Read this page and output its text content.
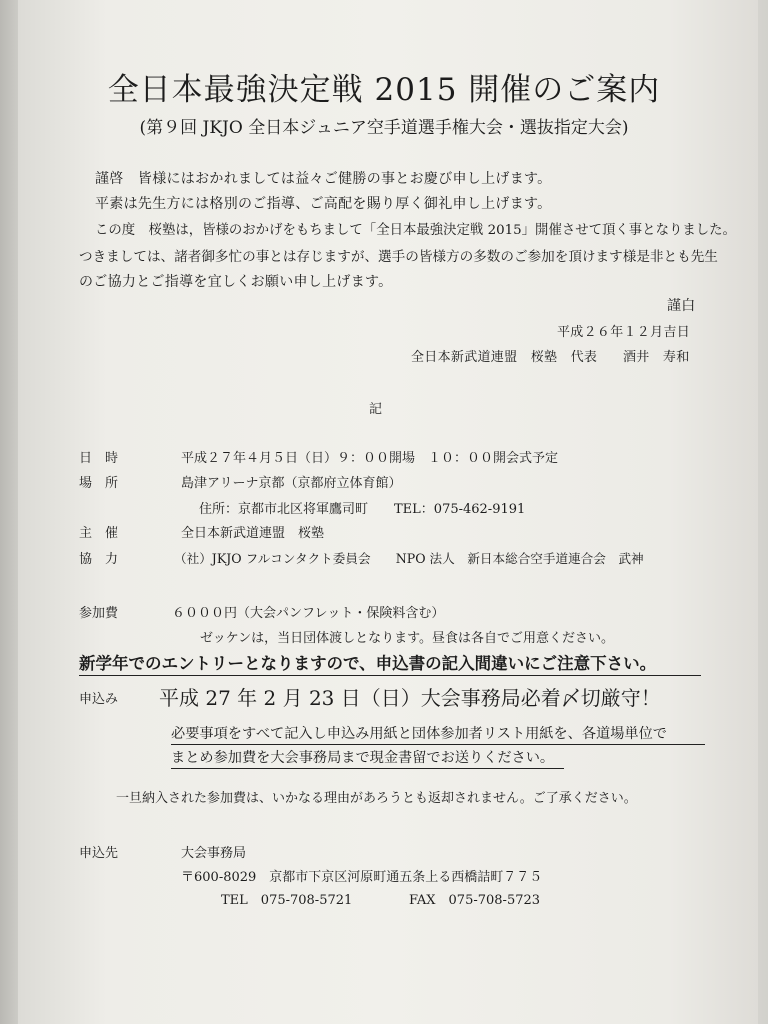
全日本最強決定戦 2015 開催のご案内
(第９回 JKJO 全日本ジュニア空手道選手権大会・選抜指定大会)
謹啓　皆様にはおかれましては益々ご健勝の事とお慶び申し上げます。
平素は先生方には格別のご指導、ご高配を賜り厚く御礼申し上げます。
この度　桜塾は，皆様のおかげをもちまして「全日本最強決定戦 2015」開催させて頂く事となりました。
つきましては、諸者御多忙の事とは存じますが、選手の皆様方の多数のご参加を頂けます様是非とも先生
のご協力とご指導を宜しくお願い申し上げます。
謹白
平成２６年１２月吉日
全日本新武道連盟　桜塾　代表 酒井　寿和
記
日　時	平成２７年４月５日（日）９：００開場　１０：００開会式予定
場　所	島津アリーナ京都（京都府立体育館）
住所：京都市北区将軍鷹司町　　TEL：075-462-9191
主　催	全日本新武道連盟　桜塾
協　力	（社）JKJO フルコンタクト委員会　　NPO 法人　新日本総合空手道連合会　武神
参加費	６０００円（大会パンフレット・保険料含む）
ゼッケンは，当日団体渡しとなります。昼食は各自でご用意ください。
新学年でのエントリーとなりますので、申込書の記入間違いにご注意下さい。
申込み 平成 27 年 2 月 23 日（日）大会事務局必着〆切厳守！
必要事項をすべて記入し申込み用紙と団体参加者リスト用紙を、各道場単位で
まとめ参加費を大会事務局まで現金書留でお送りください。
一旦納入された参加費は、いかなる理由があろうとも返却されません。ご了承ください。
申込先	大会事務局
〒600-8029　京都市下京区河原町通五条上る西橋詰町７７５
TEL　075-708-5721	FAX　075-708-5723
